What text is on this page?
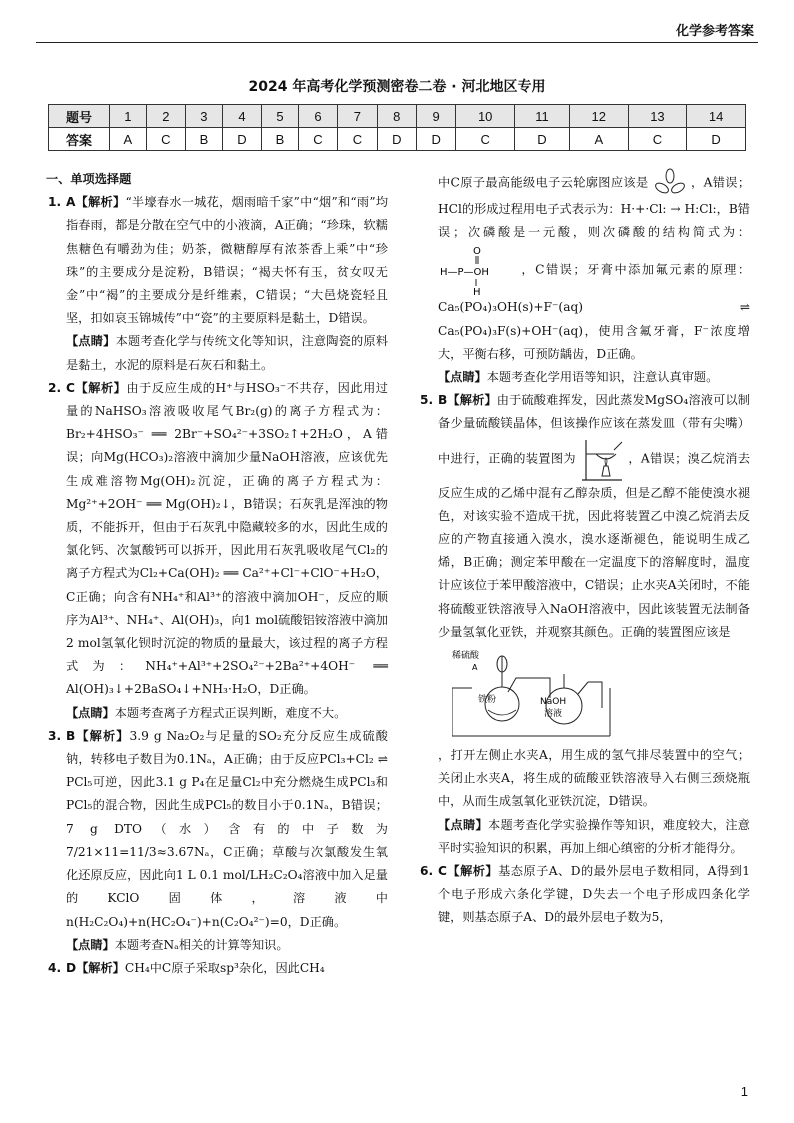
化学参考答案
2024 年高考化学预测密卷二卷 · 河北地区专用
题号	1	2	3	4	5	6	7	8	9	10	11	12	13	14
答案	A	C	B	D	B	C	C	D	D	C	D	A	C	D
一、单项选择题
1. A【解析】“半壕春水一城花，烟雨暗千家”中“烟”和“雨”均指春雨，都是分散在空气中的小液滴，A正确；“珍珠，软糯焦糖色有嚼劲为佳；奶茶，微糖醇厚有浓茶香上乘”中“珍珠”的主要成分是淀粉，B错误；“褐夫怀有玉，贫女叹无金”中“褐”的主要成分是纤维素，C错误；“大邑烧瓷轻且坚，扣如哀玉锦城传”中“瓷”的主要原料是黏土，D错误。
【点睛】本题考查化学与传统文化等知识，注意陶瓷的原料是黏土，水泥的原料是石灰石和黏土。
2. C【解析】由于反应生成的H⁺与HSO₃⁻不共存，因此用过量的NaHSO₃溶液吸收尾气Br₂(g)的离子方程式为：Br₂+4HSO₃⁻ ══ 2Br⁻+SO₄²⁻+3SO₂↑+2H₂O，A错误；向Mg(HCO₃)₂溶液中滴加少量NaOH溶液，应该优先生成难溶物Mg(OH)₂沉淀，正确的离子方程式为：Mg²⁺+2OH⁻ ══ Mg(OH)₂↓，B错误；石灰乳是浑浊的物质，不能拆开，但由于石灰乳中隐藏较多的水，因此生成的氯化钙、次氯酸钙可以拆开，因此用石灰乳吸收尾气Cl₂的离子方程式为Cl₂+Ca(OH)₂ ══ Ca²⁺+Cl⁻+ClO⁻+H₂O，C正确；向含有NH₄⁺和Al³⁺的溶液中滴加OH⁻，反应的顺序为Al³⁺、NH₄⁺、Al(OH)₃，向1 mol硫酸铝铵溶液中滴加2 mol氢氧化钡时沉淀的物质的量最大，该过程的离子方程式为：NH₄⁺+Al³⁺+2SO₄²⁻+2Ba²⁺+4OH⁻ ══ Al(OH)₃↓+2BaSO₄↓+NH₃·H₂O，D正确。
【点睛】本题考查离子方程式正误判断，难度不大。
3. B【解析】3.9 g Na₂O₂与足量的SO₂充分反应生成硫酸钠，转移电子数目为0.1Nₐ，A正确；由于反应PCl₃+Cl₂ ⇌ PCl₅可逆，因此3.1 g P₄在足量Cl₂中充分燃烧生成PCl₃和PCl₅的混合物，因此生成PCl₅的数目小于0.1Nₐ，B错误；7 g DTO（水）含有的中子数为7/21×11=11/3≈3.67Nₐ，C正确；草酸与次氯酸发生氧化还原反应，因此向1 L 0.1 mol/LH₂C₂O₄溶液中加入足量的KClO固体，溶液中n(H₂C₂O₄)+n(HC₂O₄⁻)+n(C₂O₄²⁻)=0，D正确。
【点睛】本题考查Nₐ相关的计算等知识。
4. D【解析】CH₄中C原子采取sp³杂化，因此CH₄
中C原子最高能级电子云轮廓图应该是	，A错误；HCl的形成过程用电子式表示为：H·+·Cl: → H:Cl:，B错误；次磷酸是一元酸，则次磷酸的结构简式为：
O
H—P—OH
H
，C错误；牙膏中添加氟元素的原理：Ca₅(PO₄)₃OH(s)+F⁻(aq) ⇌ Ca₅(PO₄)₃F(s)+OH⁻(aq)，使用含氟牙膏，F⁻浓度增大，平衡右移，可预防龋齿，D正确。
【点睛】本题考查化学用语等知识，注意认真审题。
5. B【解析】由于硫酸难挥发，因此蒸发MgSO₄溶液可以制备少量硫酸镁晶体，但该操作应该在蒸发皿（带有尖嘴）中进行，正确的装置图为	，A错误；溴乙烷消去反应生成的乙烯中混有乙醇杂质，但是乙醇不能使溴水褪色，对该实验不造成干扰，因此将装置乙中溴乙烷消去反应的产物直接通入溴水，溴水逐渐褪色，能说明生成乙烯，B正确；测定苯甲酸在一定温度下的溶解度时，温度计应该位于苯甲酸溶液中，C错误；止水夹A关闭时，不能将硫酸亚铁溶液导入NaOH溶液中，因此该装置无法制备少量氢氧化亚铁，并观察其颜色。正确的装置图应该是
稀硫酸
A
铁粉	NaOH
溶液
，打开左侧止水夹A，用生成的氢气排尽装置中的空气；关闭止水夹A，将生成的硫酸亚铁溶液导入右侧三颈烧瓶中，从而生成氢氧化亚铁沉淀，D错误。
【点睛】本题考查化学实验操作等知识，难度较大，注意平时实验知识的积累，再加上细心缜密的分析才能得分。
6. C【解析】基态原子A、D的最外层电子数相同，A得到1个电子形成六条化学键，D失去一个电子形成四条化学键，则基态原子A、D的最外层电子数为5，
1
